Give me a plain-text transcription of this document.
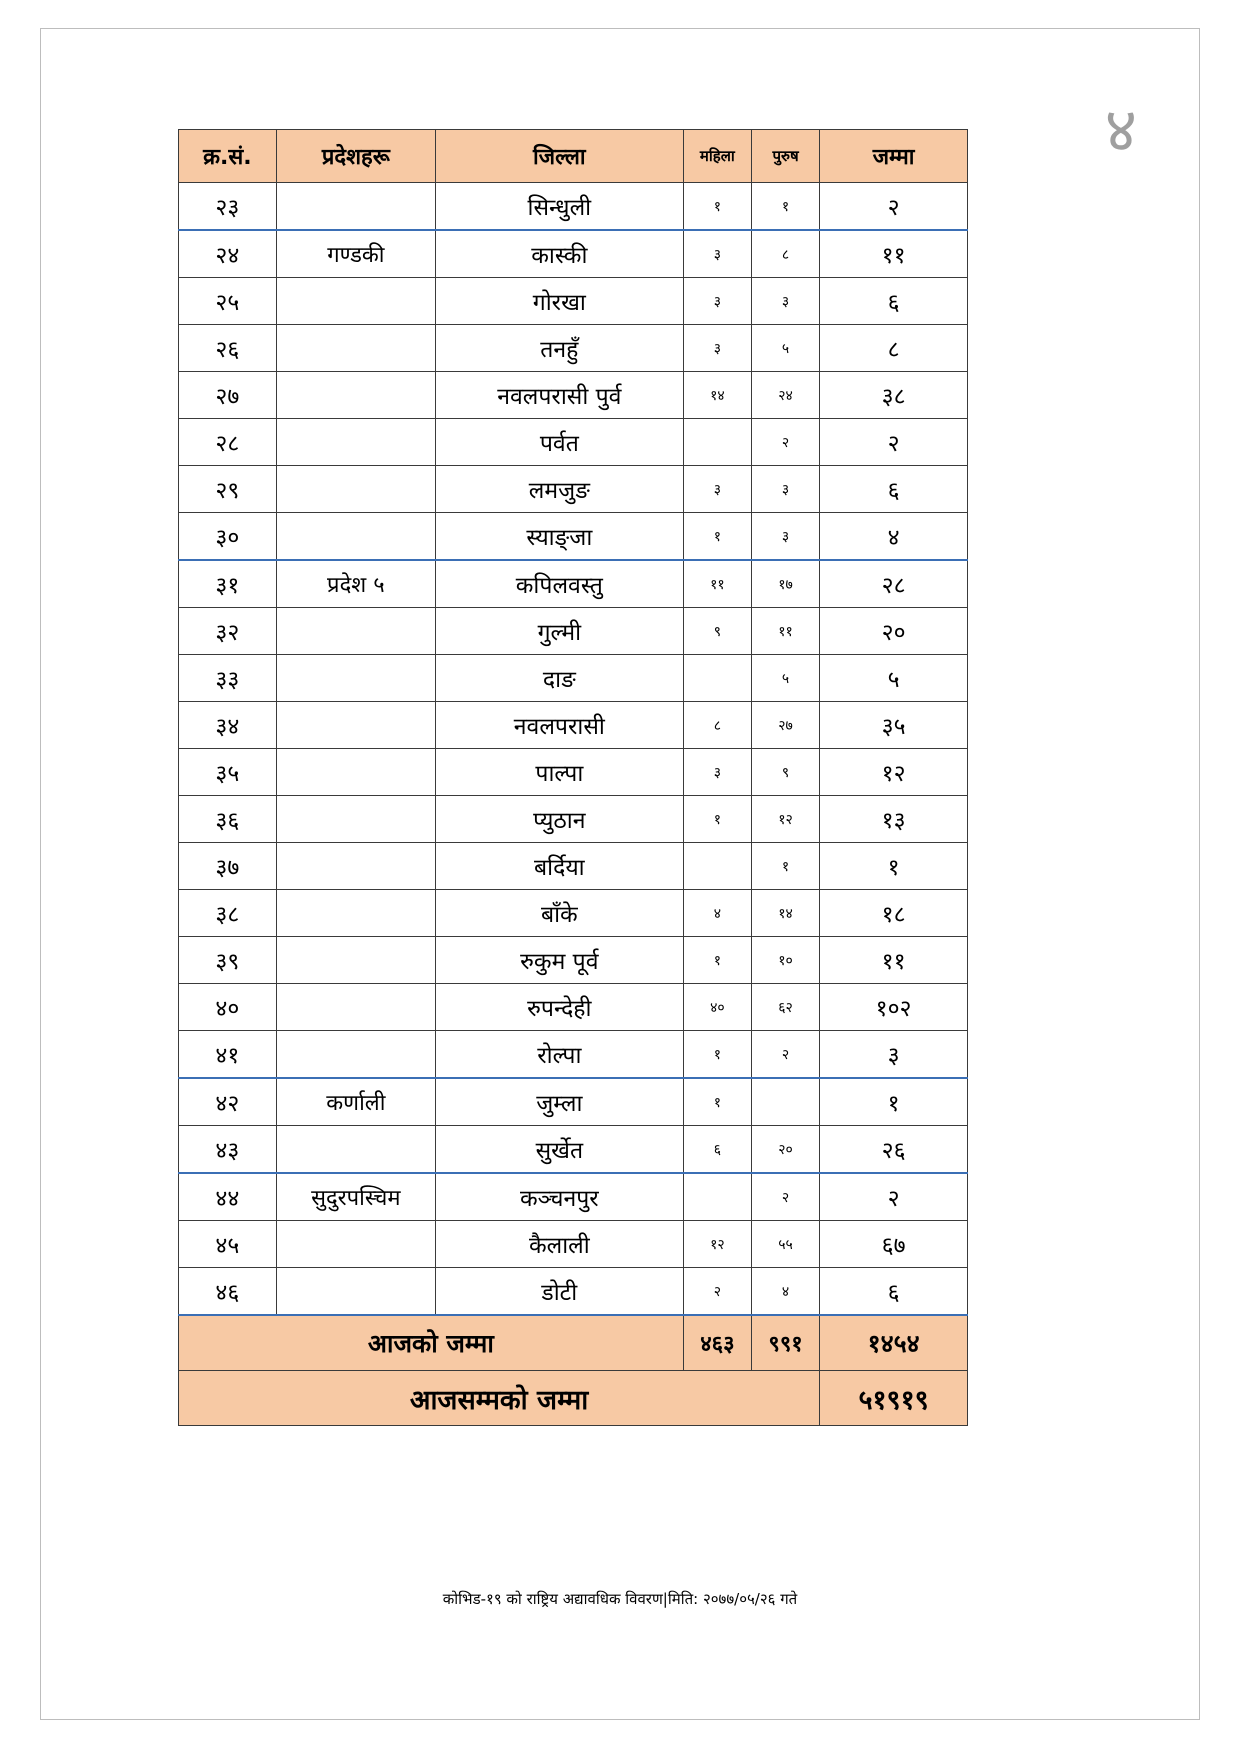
४
क्र.सं.	प्रदेशहरू	जिल्ला	महिला	पुरुष	जम्मा
२३		सिन्धुली	१	१	२
२४	गण्डकी	कास्की	३	८	११
२५		गोरखा	३	३	६
२६		तनहुँ	३	५	८
२७		नवलपरासी पुर्व	१४	२४	३८
२८		पर्वत		२	२
२९		लमजुङ	३	३	६
३०		स्याङ्जा	१	३	४
३१	प्रदेश ५	कपिलवस्तु	११	१७	२८
३२		गुल्मी	९	११	२०
३३		दाङ		५	५
३४		नवलपरासी	८	२७	३५
३५		पाल्पा	३	९	१२
३६		प्युठान	१	१२	१३
३७		बर्दिया		१	१
३८		बाँके	४	१४	१८
३९		रुकुम पूर्व	१	१०	११
४०		रुपन्देही	४०	६२	१०२
४१		रोल्पा	१	२	३
४२	कर्णाली	जुम्ला	१		१
४३		सुर्खेत	६	२०	२६
४४	सुदुरपस्चिम	कञ्चनपुर		२	२
४५		कैलाली	१२	५५	६७
४६		डोटी	२	४	६
आजको जम्मा			४६३	९९१	१४५४
आजसम्मको जम्मा					५१९१९
कोभिड-१९ को राष्ट्रिय अद्यावधिक विवरण|मिति: २०७७/०५/२६ गते
